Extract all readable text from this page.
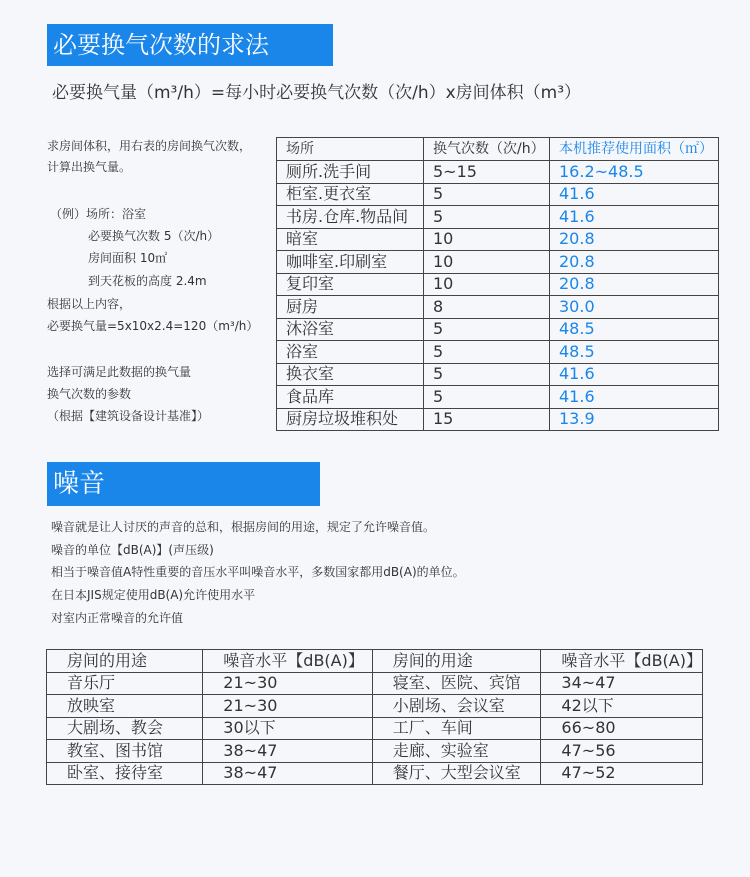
必要换气次数的求法
必要换气量（m³/h）=每小时必要换气次数（次/h）x房间体积（m³）
求房间体积，用右表的房间换气次数，
计算出换气量。
（例）场所：浴室
必要换气次数 5（次/h）
房间面积 10㎡
到天花板的高度 2.4m
根据以上内容，
必要换气量=5x10x2.4=120（m³/h）
选择可满足此数据的换气量
换气次数的参数
（根据【建筑设备设计基准】）
场所	换气次数（次/h）	本机推荐使用面积（㎡）
厕所.洗手间	5~15	16.2~48.5
柜室.更衣室	5	41.6
书房.仓库.物品间	5	41.6
暗室	10	20.8
咖啡室.印刷室	10	20.8
复印室	10	20.8
厨房	8	30.0
沐浴室	5	48.5
浴室	5	48.5
换衣室	5	41.6
食品库	5	41.6
厨房垃圾堆积处	15	13.9
噪音
噪音就是让人讨厌的声音的总和，根据房间的用途，规定了允许噪音值。
噪音的单位【dB(A)】(声压级)
相当于噪音值A特性重要的音压水平叫噪音水平，多数国家都用dB(A)的单位。
在日本JIS规定使用dB(A)允许使用水平
对室内正常噪音的允许值
房间的用途	噪音水平【dB(A)】	房间的用途	噪音水平【dB(A)】
音乐厅	21~30	寝室、医院、宾馆	34~47
放映室	21~30	小剧场、会议室	42以下
大剧场、教会	30以下	工厂、车间	66~80
教室、图书馆	38~47	走廊、实验室	47~56
卧室、接待室	38~47	餐厅、大型会议室	47~52
